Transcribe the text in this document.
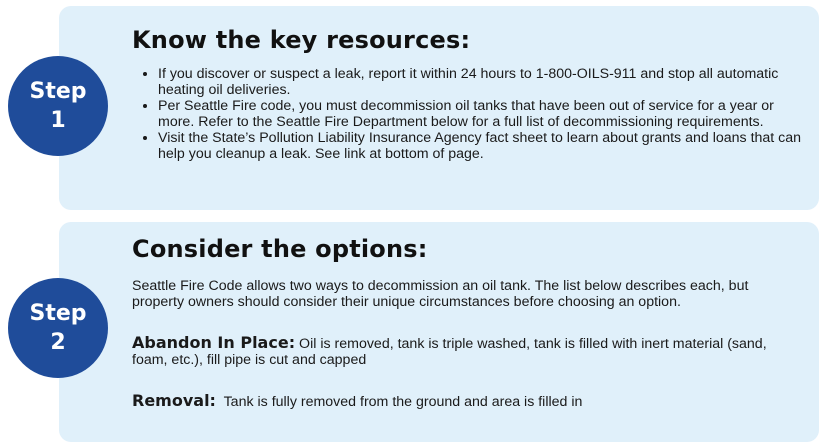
Step
1
Know the key resources:
• If you discover or suspect a leak, report it within 24 hours to 1-800-OILS-911 and stop all automatic heating oil deliveries.
• Per Seattle Fire code, you must decommission oil tanks that have been out of service for a year or more. Refer to the Seattle Fire Department below for a full list of decommissioning requirements.
• Visit the State’s Pollution Liability Insurance Agency fact sheet to learn about grants and loans that can help you cleanup a leak. See link at bottom of page.
Step
2
Consider the options:

Seattle Fire Code allows two ways to decommission an oil tank. The list below describes each, but property owners should consider their unique circumstances before choosing an option.

Abandon In Place: Oil is removed, tank is triple washed, tank is filled with inert material (sand, foam, etc.), fill pipe is cut and capped

Removal: Tank is fully removed from the ground and area is filled in
